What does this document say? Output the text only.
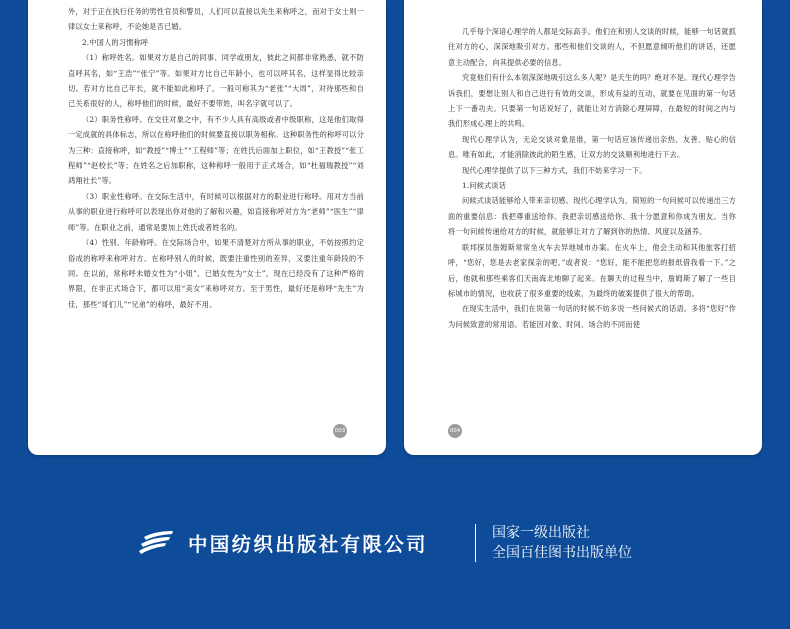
外，对于正在执行任务的男性官员和警员，人们可以直接以先生来称呼之，而对于女士则一律以女士来称呼，不论她是否已婚。

2.中国人的习惯称呼

（1）称呼姓名。如果对方是自己的同事、同学或朋友，彼此之间都非常熟悉，就不防直呼其名，如“王浩”“张宁”等。如果对方比自己年龄小，也可以呼其名，这样显得比较亲切。若对方比自己年长，就不能如此称呼了，一般可称其为“老张”“大周”，对待那些和自己关系很好的人，称呼他们的时候，最好不要带姓，叫名字就可以了。

（2）职务性称呼。在交往对象之中，有不少人具有高级或者中级职称，这是他们取得一定成就的具体标志，所以在称呼他们的时候要直接以职务相称。这种职务性的称呼可以分为三种：直接称呼，如“教授”“博士”“工程师”等；在姓氏后面加上职位，如“王教授”“张工程师”“赵校长”等；在姓名之后加职称，这种称呼一般用于正式场合，如“杜福瑞教授”“刘鸿翔社长”等。

（3）职业性称呼。在交际生活中，有时候可以根据对方的职业进行称呼。用对方当前从事的职业进行称呼可以表现出你对他的了解和兴趣，如直接称呼对方为“老师”“医生”“律师”等。在职业之前，通常是要加上姓氏或者姓名的。

（4）性别、年龄称呼。在交际场合中，如果不清楚对方所从事的职业，不妨按照约定俗成的称呼来称呼对方。在称呼别人的时候，既要注重性别的差异，又要注重年龄段的不同。在以前，常称呼未婚女性为“小姐”、已婚女性为“女士”，现在已经没有了这种严格的界限，在非正式场合下，都可以用“美女”来称呼对方。至于男性，最好还是称呼“先生”为佳，那些“哥们儿”“兄弟”的称呼，最好不用。

003

几乎每个深谙心理学的人都是交际高手。他们在和别人交谈的时候，能够一句话就抓住对方的心，深深地吸引对方。那些和他们交谈的人，不但愿意倾听他们的讲话，还愿意主动配合，向其提供必要的信息。

究竟他们有什么本领深深地吸引这么多人呢？是天生的吗？绝对不是。现代心理学告诉我们，要想让别人和自己进行有效的交谈，形成有益的互动，就要在见面的第一句话上下一番功夫。只要第一句话说好了，就能让对方消除心理屏障，在最短的时间之内与我们形成心理上的共鸣。

现代心理学认为，无论交谈对象是谁，第一句话应该传递出亲热、友善、贴心的信息。唯有如此，才能消除彼此的陌生感，让双方的交谈顺利地进行下去。

现代心理学提供了以下三种方式，我们不妨来学习一下。

1.问候式谈话

问候式谈话能够给人带来亲切感。现代心理学认为，简短的一句问候可以传递出三方面的重要信息：我把尊重送给你、我把亲切感送给你、我十分愿意和你成为朋友。当你将一句问候传递给对方的时候，就能够让对方了解到你的热情、风度以及涵养。

联邦探员詹姆斯常常坐火车去异地城市办案。在火车上，他会主动和其他旅客打招呼，“您好，您是去老家探亲的吧。”或者说：“您好，能不能把您的报纸借我看一下。”之后，他就和那些乘客们天南海北地聊了起来。在聊天的过程当中，詹姆斯了解了一些目标城市的情况，也收获了很多重要的线索，为最终的破案提供了很大的帮助。

在现实生活中，我们在说第一句话的时候不妨多说一些问候式的话语。多将“您好”作为问候致意的常用语。若能因对象、时间、场合的不同而使

004
中国纺织出版社有限公司	国家一级出版社
全国百佳图书出版单位
